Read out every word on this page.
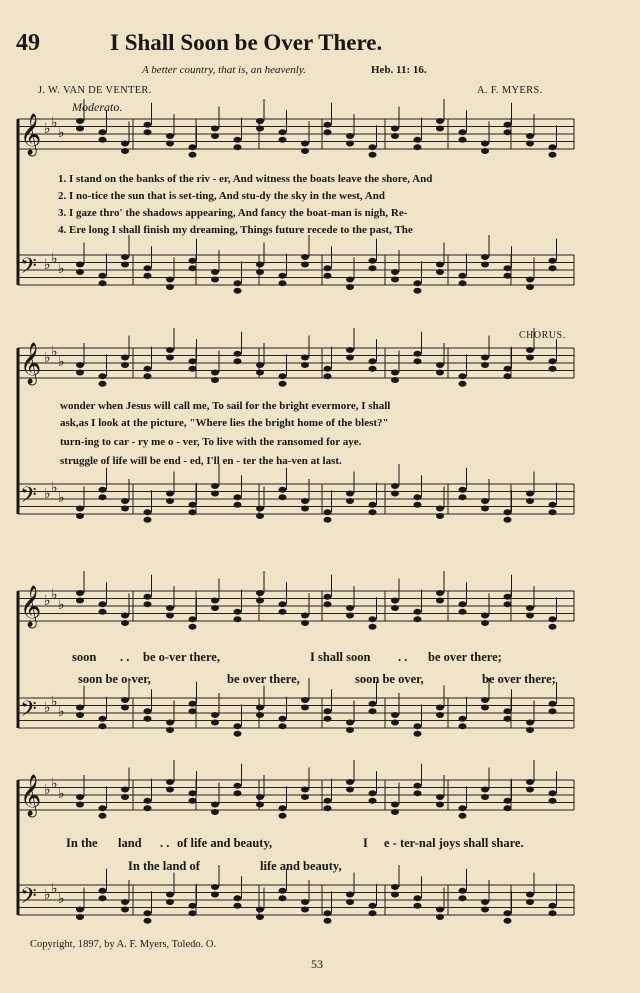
49	I Shall Soon be Over There.
A better country, that is, an heavenly.	Heb. 11: 16.
J. W. VAN DE VENTER.	A. F. MYERS.
Moderato.
CHORUS.
𝄞 ♭ ♭
♭
𝄢 ♭ ♭
♭
𝄞 ♭ ♭
♭
𝄢 ♭ ♭
♭
𝄞 ♭ ♭
♭
𝄢 ♭ ♭
♭
𝄞 ♭ ♭
♭
𝄢 ♭ ♭
♭
1. I stand on the banks of the riv - er, And witness the boats leave the shore, And
2. I no-tice the sun that is set-ting, And stu-dy the sky in the west, And
3. I gaze thro' the shadows appearing, And fancy the boat-man is nigh, Re-
4. Ere long I shall finish my dreaming, Things future recede to the past, The
wonder when Jesus will call me, To sail for the bright evermore, I shall
ask,as I look at the picture, "Where lies the bright home of the blest?"
turn-ing to car - ry me o - ver, To live with the ransomed for aye.
struggle of life will be end - ed, I'll en - ter the ha-ven at last.
soon . . be o-ver there,	I shall soon . . be over there;
soon be o-ver,	be over there,	soon be over,	be over there;
In the land . . of life and beauty,	I e - ter-nal joys shall share.
In the land of	life and beauty,
Copyright, 1897, by A. F. Myers, Toledo. O.
53
